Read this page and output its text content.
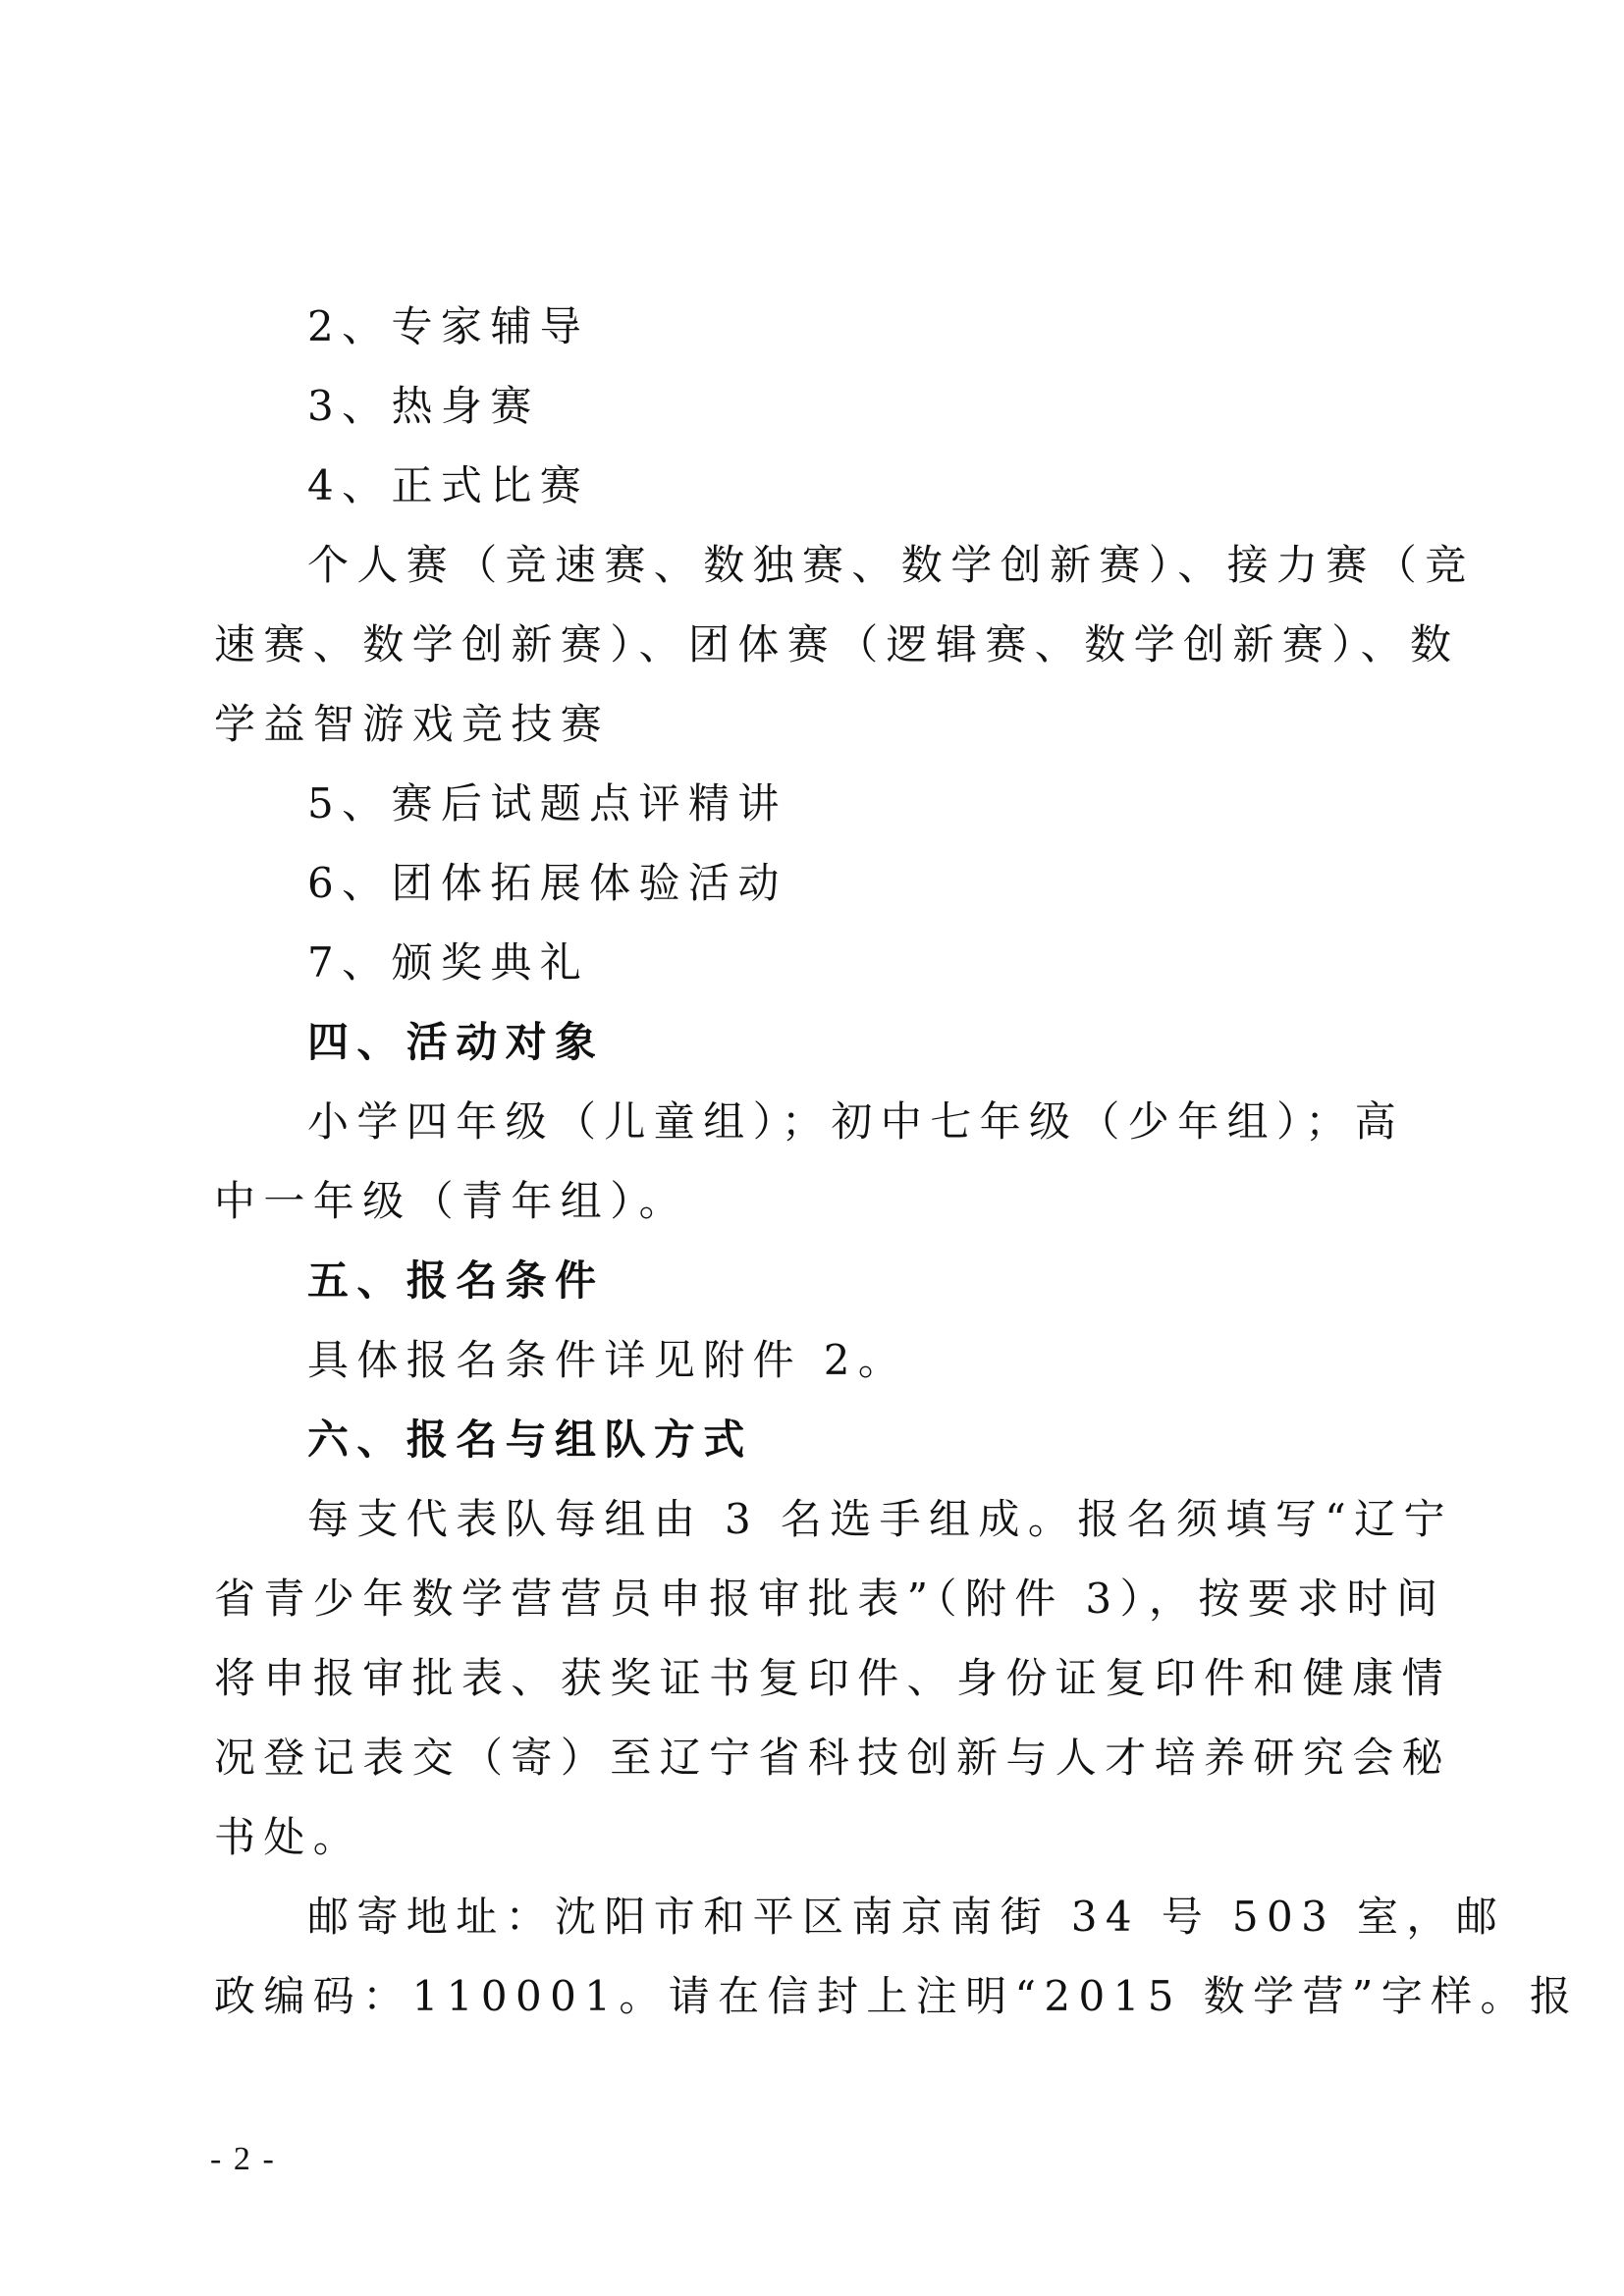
2、专家辅导
3、热身赛
4、正式比赛
个人赛（竞速赛、数独赛、数学创新赛）、接力赛（竞
速赛、数学创新赛）、团体赛（逻辑赛、数学创新赛）、数
学益智游戏竞技赛
5、赛后试题点评精讲
6、团体拓展体验活动
7、颁奖典礼
四、活动对象
小学四年级（儿童组）；初中七年级（少年组）；高
中一年级（青年组）。
五、报名条件
具体报名条件详见附件 2。
六、报名与组队方式
每支代表队每组由 3 名选手组成。报名须填写“辽宁
省青少年数学营营员申报审批表”（附件 3），按要求时间
将申报审批表、获奖证书复印件、身份证复印件和健康情
况登记表交（寄）至辽宁省科技创新与人才培养研究会秘
书处。
邮寄地址：沈阳市和平区南京南街 34 号 503 室，邮
政编码：110001。请在信封上注明“2015 数学营”字样。报
- 2 -
